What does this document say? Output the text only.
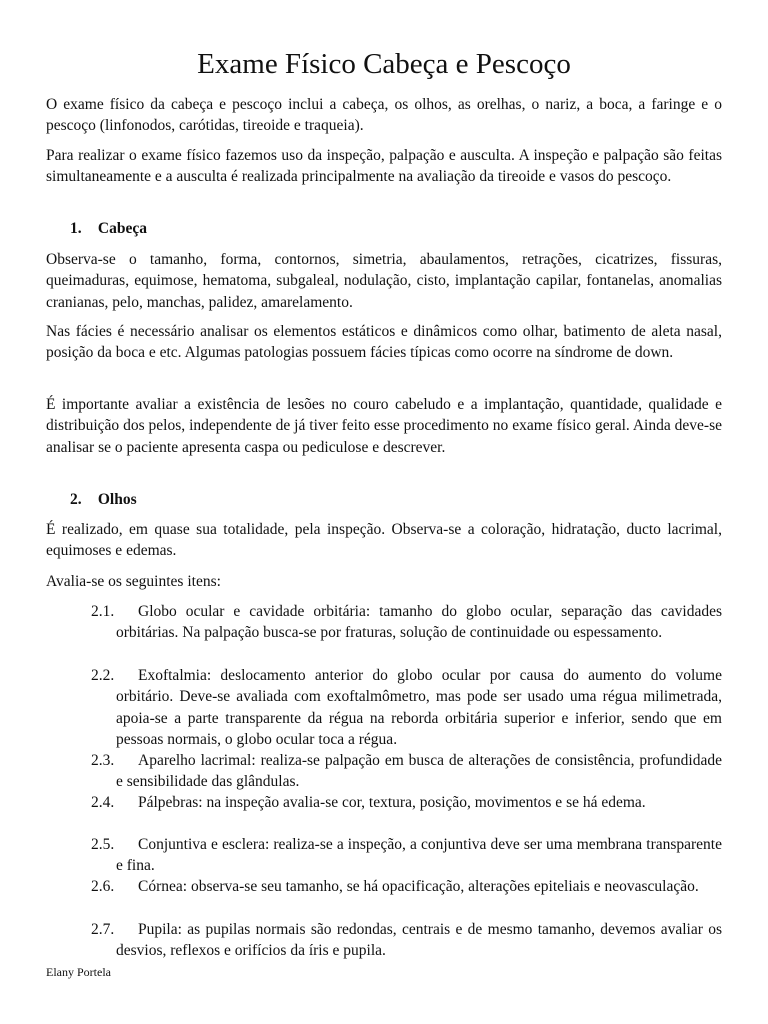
Exame Físico Cabeça e Pescoço

O exame físico da cabeça e pescoço inclui a cabeça, os olhos, as orelhas, o nariz, a boca, a faringe e o pescoço (linfonodos, carótidas, tireoide e traqueia).

Para realizar o exame físico fazemos uso da inspeção, palpação e ausculta. A inspeção e palpação são feitas simultaneamente e a ausculta é realizada principalmente na avaliação da tireoide e vasos do pescoço.

1. Cabeça

Observa-se o tamanho, forma, contornos, simetria, abaulamentos, retrações, cicatrizes, fissuras, queimaduras, equimose, hematoma, subgaleal, nodulação, cisto, implantação capilar, fontanelas, anomalias cranianas, pelo, manchas, palidez, amarelamento.

Nas fácies é necessário analisar os elementos estáticos e dinâmicos como olhar, batimento de aleta nasal, posição da boca e etc. Algumas patologias possuem fácies típicas como ocorre na síndrome de down.

É importante avaliar a existência de lesões no couro cabeludo e a implantação, quantidade, qualidade e distribuição dos pelos, independente de já tiver feito esse procedimento no exame físico geral. Ainda deve-se analisar se o paciente apresenta caspa ou pediculose e descrever.

2. Olhos

É realizado, em quase sua totalidade, pela inspeção. Observa-se a coloração, hidratação, ducto lacrimal, equimoses e edemas.

Avalia-se os seguintes itens:

2.1.	Globo ocular e cavidade orbitária: tamanho do globo ocular, separação das cavidades orbitárias. Na palpação busca-se por fraturas, solução de continuidade ou espessamento.
2.2.	Exoftalmia: deslocamento anterior do globo ocular por causa do aumento do volume orbitário. Deve-se avaliada com exoftalmômetro, mas pode ser usado uma régua milimetrada, apoia-se a parte transparente da régua na reborda orbitária superior e inferior, sendo que em pessoas normais, o globo ocular toca a régua.
2.3.	Aparelho lacrimal: realiza-se palpação em busca de alterações de consistência, profundidade e sensibilidade das glândulas.
2.4.	Pálpebras: na inspeção avalia-se cor, textura, posição, movimentos e se há edema.
2.5.	Conjuntiva e esclera: realiza-se a inspeção, a conjuntiva deve ser uma membrana transparente e fina.
2.6.	Córnea: observa-se seu tamanho, se há opacificação, alterações epiteliais e neovasculação.
2.7.	Pupila: as pupilas normais são redondas, centrais e de mesmo tamanho, devemos avaliar os desvios, reflexos e orifícios da íris e pupila.
Elany Portela
